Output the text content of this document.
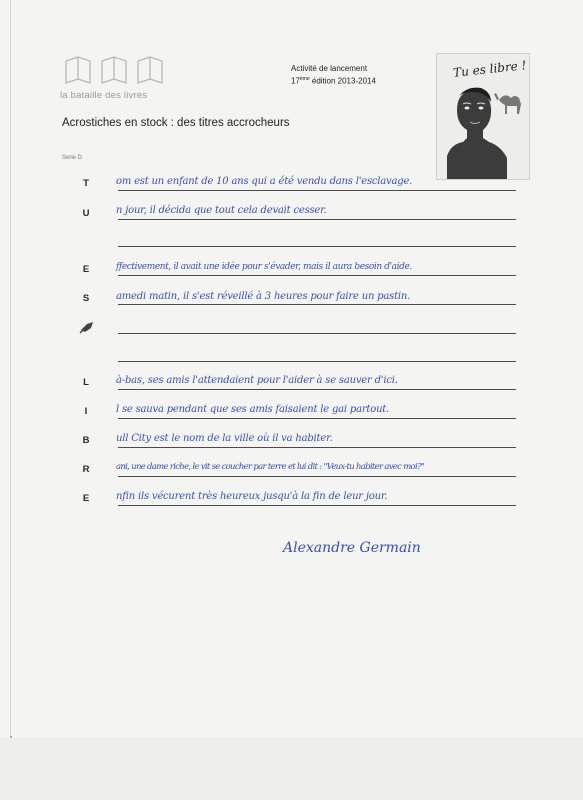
la bataille des livres
Activité de lancement
17ème édition 2013-2014
Acrostiches en stock : des titres accrocheurs
Tu es libre !
Serie D
T
U
E
S
L
I
B
R
E
om est un enfant de 10 ans qui a été vendu dans l'esclavage.
n jour, il décida que tout cela devait cesser.
ffectivement, il avait une idée pour s'évader, mais il aura besoin d'aide.
amedi matin, il s'est réveillé à 3 heures pour faire un pastin.
à-bas, ses amis l'attendaient pour l'aider à se sauver d'ici.
l se sauva pendant que ses amis faisaient le gai partout.
ull City est le nom de la ville où il va habiter.
ani, une dame riche, le vit se coucher par terre et lui dit : "Veux-tu habiter avec moi?"
nfin ils vécurent très heureux jusqu'à la fin de leur jour.
Alexandre Germain
